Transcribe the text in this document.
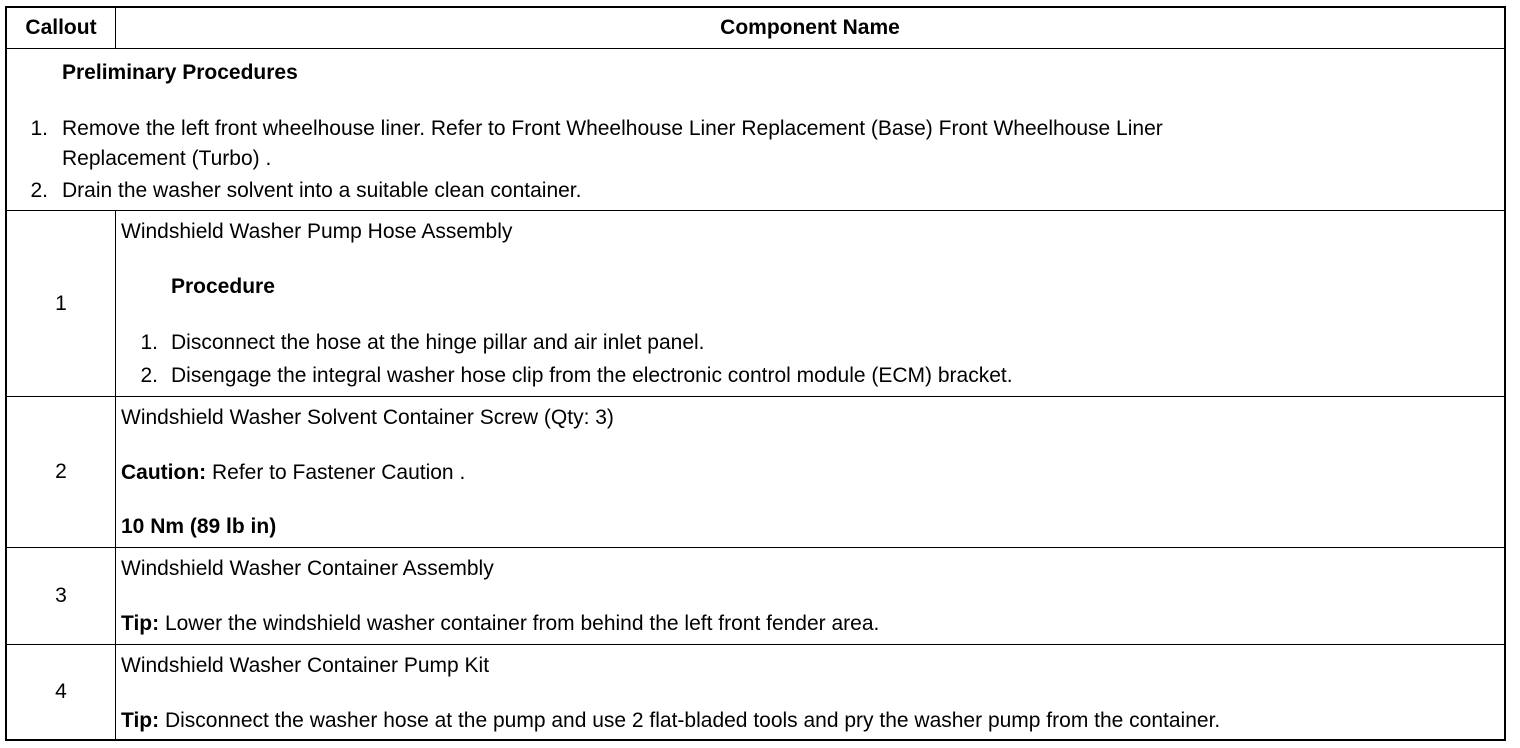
Callout	Component Name
Preliminary Procedures
1. Remove the left front wheelhouse liner. Refer to Front Wheelhouse Liner Replacement (Base) Front Wheelhouse Liner
Replacement (Turbo) .
2. Drain the washer solvent into a suitable clean container.
1
Windshield Washer Pump Hose Assembly
Procedure
1. Disconnect the hose at the hinge pillar and air inlet panel.
2. Disengage the integral washer hose clip from the electronic control module (ECM) bracket.
2
Windshield Washer Solvent Container Screw (Qty: 3)
Caution: Refer to Fastener Caution .
10 Nm (89 lb in)
3
Windshield Washer Container Assembly
Tip: Lower the windshield washer container from behind the left front fender area.
4
Windshield Washer Container Pump Kit
Tip: Disconnect the washer hose at the pump and use 2 flat-bladed tools and pry the washer pump from the container.
